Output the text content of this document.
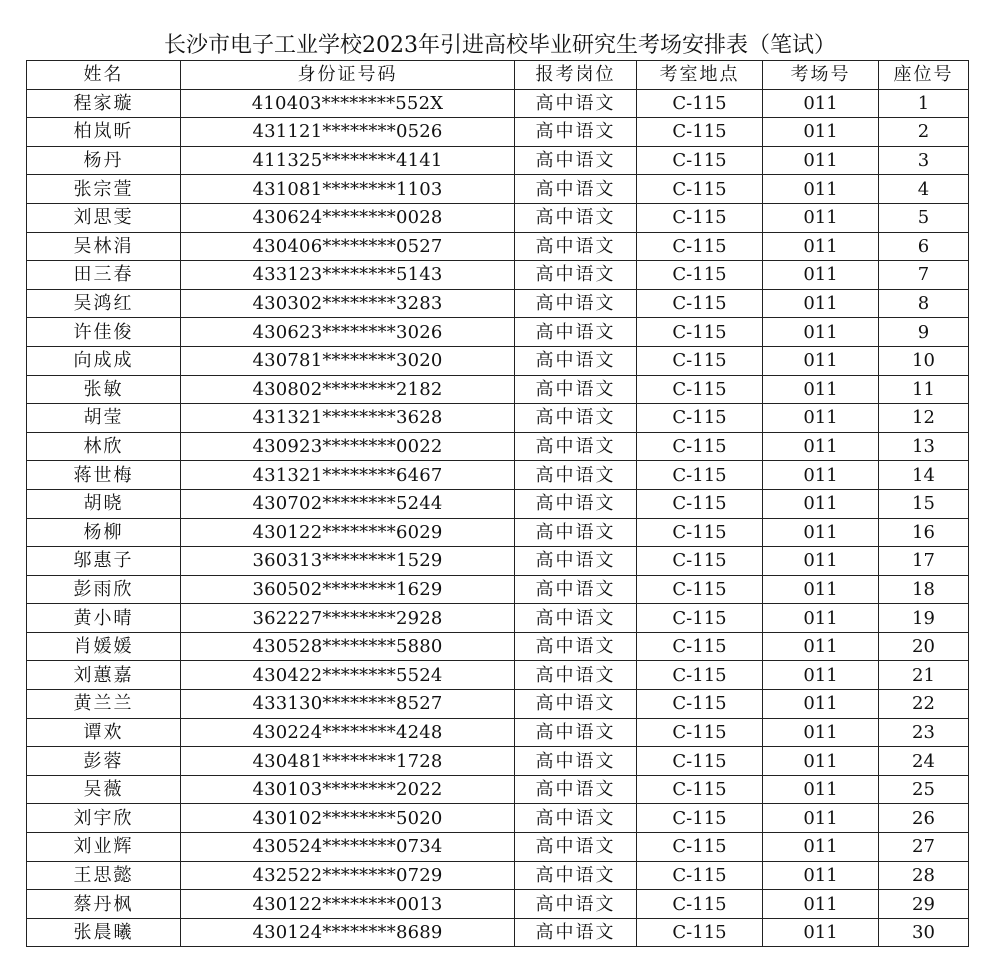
长沙市电子工业学校2023年引进高校毕业研究生考场安排表（笔试）
姓名	身份证号码	报考岗位	考室地点	考场号	座位号
程家璇	410403********552X	高中语文	C-115	011	1
柏岚昕	431121********0526	高中语文	C-115	011	2
杨丹	411325********4141	高中语文	C-115	011	3
张宗萱	431081********1103	高中语文	C-115	011	4
刘思雯	430624********0028	高中语文	C-115	011	5
吴林涓	430406********0527	高中语文	C-115	011	6
田三春	433123********5143	高中语文	C-115	011	7
吴鸿红	430302********3283	高中语文	C-115	011	8
许佳俊	430623********3026	高中语文	C-115	011	9
向成成	430781********3020	高中语文	C-115	011	10
张敏	430802********2182	高中语文	C-115	011	11
胡莹	431321********3628	高中语文	C-115	011	12
林欣	430923********0022	高中语文	C-115	011	13
蒋世梅	431321********6467	高中语文	C-115	011	14
胡晓	430702********5244	高中语文	C-115	011	15
杨柳	430122********6029	高中语文	C-115	011	16
邬惠子	360313********1529	高中语文	C-115	011	17
彭雨欣	360502********1629	高中语文	C-115	011	18
黄小晴	362227********2928	高中语文	C-115	011	19
肖媛媛	430528********5880	高中语文	C-115	011	20
刘蕙嘉	430422********5524	高中语文	C-115	011	21
黄兰兰	433130********8527	高中语文	C-115	011	22
谭欢	430224********4248	高中语文	C-115	011	23
彭蓉	430481********1728	高中语文	C-115	011	24
吴薇	430103********2022	高中语文	C-115	011	25
刘宇欣	430102********5020	高中语文	C-115	011	26
刘业辉	430524********0734	高中语文	C-115	011	27
王思懿	432522********0729	高中语文	C-115	011	28
蔡丹枫	430122********0013	高中语文	C-115	011	29
张晨曦	430124********8689	高中语文	C-115	011	30
